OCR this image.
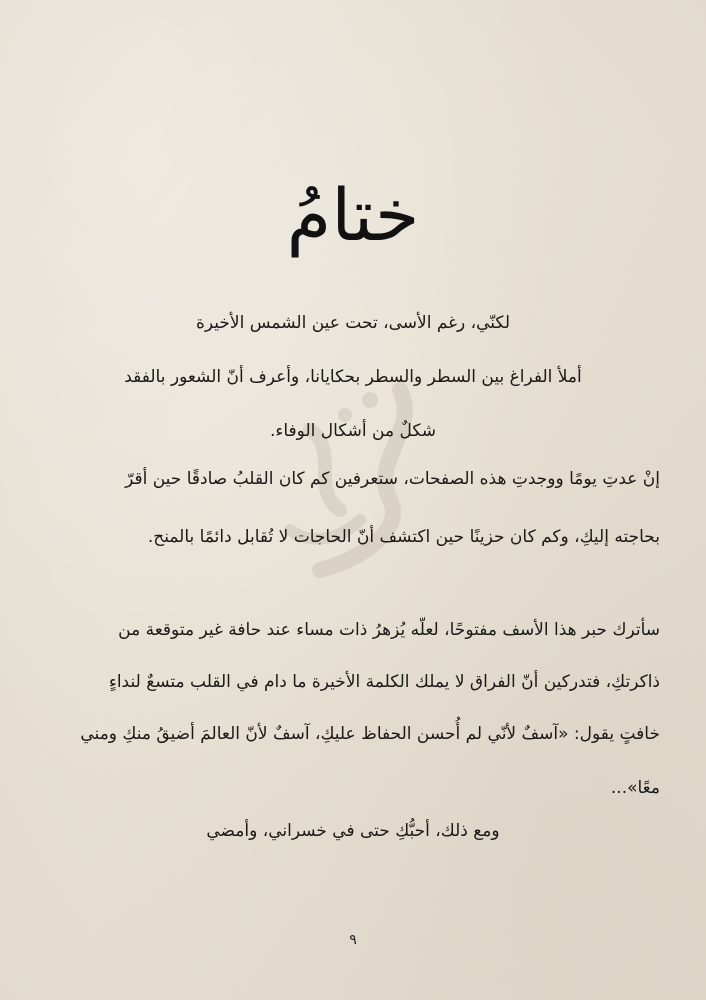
ختامُ
لكنّي، رغم الأسى، تحت عين الشمس الأخيرة
أملأ الفراغ بين السطر والسطر بحكايانا، وأعرف أنّ الشعور بالفقد
شكلٌ من أشكال الوفاء.
إنْ عدتِ يومًا ووجدتِ هذه الصفحات، ستعرفين كم كان القلبُ صادقًا حين أقرّ
بحاجته إليكِ، وكم كان حزينًا حين اكتشف أنّ الحاجات لا تُقابل دائمًا بالمنح.
سأترك حبر هذا الأسف مفتوحًا، لعلّه يُزهرُ ذات مساء عند حافة غير متوقعة من
ذاكرتكِ، فتدركين أنّ الفراق لا يملك الكلمة الأخيرة ما دام في القلب متسعٌ لنداءٍ
خافتٍ يقول: «آسفٌ لأنّي لم أُحسن الحفاظ عليكِ، آسفٌ لأنّ العالمَ أضيقُ منكِ ومني
معًا»...
ومع ذلك، أحبُّكِ حتى في خسراني، وأمضي
٩
